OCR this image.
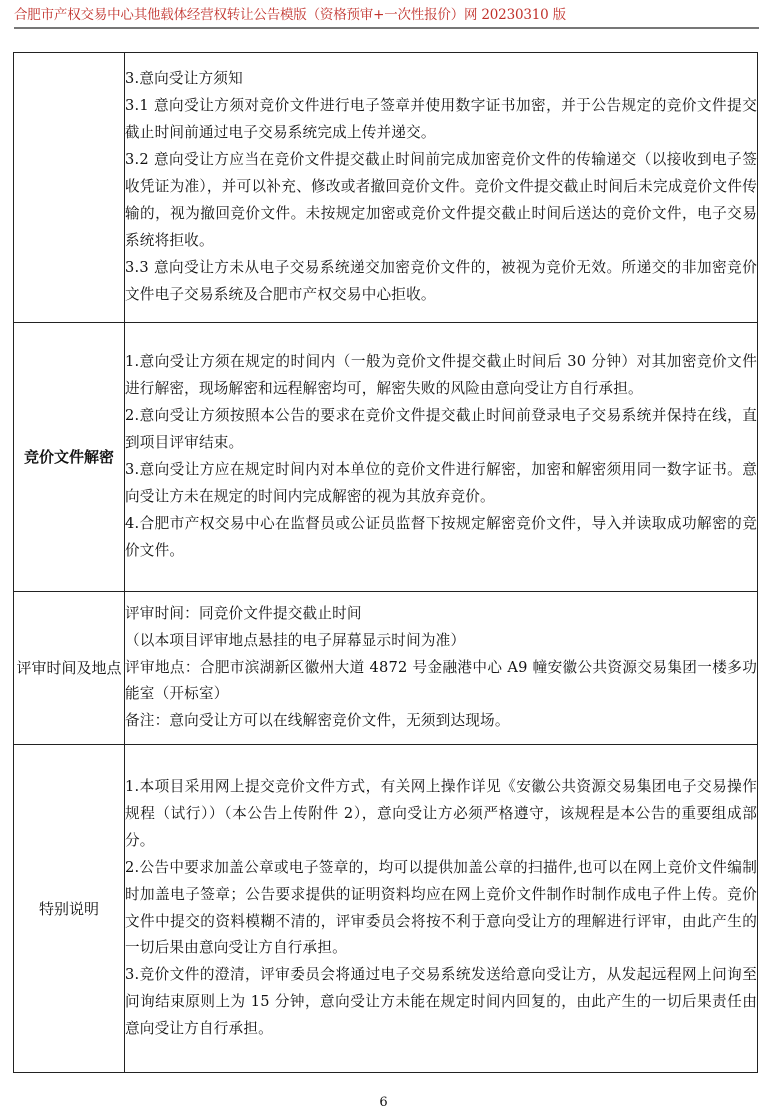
合肥市产权交易中心其他载体经营权转让公告模版（资格预审+一次性报价）网 20230310 版

	3.意向受让方须知

3.1 意向受让方须对竞价文件进行电子签章并使用数字证书加密，并于公告规定的竞价文件提交截止时间前通过电子交易系统完成上传并递交。

3.2 意向受让方应当在竞价文件提交截止时间前完成加密竞价文件的传输递交（以接收到电子签收凭证为准），并可以补充、修改或者撤回竞价文件。竞价文件提交截止时间后未完成竞价文件传输的，视为撤回竞价文件。未按规定加密或竞价文件提交截止时间后送达的竞价文件，电子交易系统将拒收。

3.3 意向受让方未从电子交易系统递交加密竞价文件的，被视为竞价无效。所递交的非加密竞价文件电子交易系统及合肥市产权交易中心拒收。

竞价文件解密	1.意向受让方须在规定的时间内（一般为竞价文件提交截止时间后 30 分钟）对其加密竞价文件进行解密，现场解密和远程解密均可，解密失败的风险由意向受让方自行承担。

2.意向受让方须按照本公告的要求在竞价文件提交截止时间前登录电子交易系统并保持在线，直到项目评审结束。

3.意向受让方应在规定时间内对本单位的竞价文件进行解密，加密和解密须用同一数字证书。意向受让方未在规定的时间内完成解密的视为其放弃竞价。

4.合肥市产权交易中心在监督员或公证员监督下按规定解密竞价文件，导入并读取成功解密的竞价文件。

评审时间及地点	评审时间：同竞价文件提交截止时间

（以本项目评审地点悬挂的电子屏幕显示时间为准）

评审地点：合肥市滨湖新区徽州大道 4872 号金融港中心 A9 幢安徽公共资源交易集团一楼多功能室（开标室）

备注：意向受让方可以在线解密竞价文件，无须到达现场。

特别说明	1.本项目采用网上提交竞价文件方式，有关网上操作详见《安徽公共资源交易集团电子交易操作规程（试行））（本公告上传附件 2），意向受让方必须严格遵守，该规程是本公告的重要组成部分。

2.公告中要求加盖公章或电子签章的，均可以提供加盖公章的扫描件,也可以在网上竞价文件编制时加盖电子签章；公告要求提供的证明资料均应在网上竞价文件制作时制作成电子件上传。竞价文件中提交的资料模糊不清的，评审委员会将按不利于意向受让方的理解进行评审，由此产生的一切后果由意向受让方自行承担。

3.竞价文件的澄清，评审委员会将通过电子交易系统发送给意向受让方，从发起远程网上问询至问询结束原则上为 15 分钟，意向受让方未能在规定时间内回复的，由此产生的一切后果责任由意向受让方自行承担。

6
